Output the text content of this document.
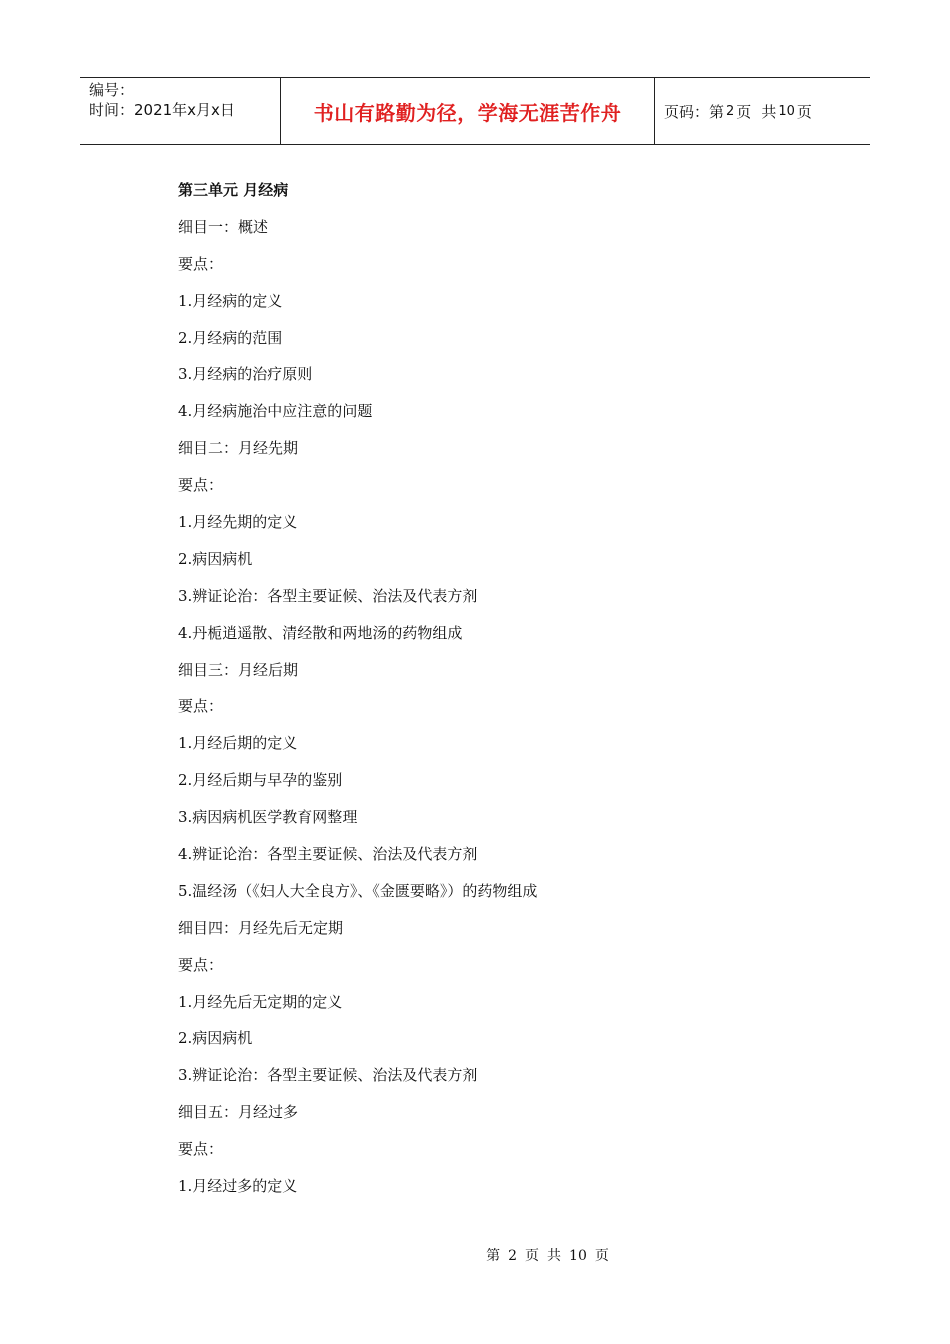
编号：
时间：2021年x月x日	书山有路勤为径，学海无涯苦作舟	页码：第 2 页 共 10 页
第三单元 月经病
细目一：概述
要点：
1.月经病的定义
2.月经病的范围
3.月经病的治疗原则
4.月经病施治中应注意的问题
细目二：月经先期
要点：
1.月经先期的定义
2.病因病机
3.辨证论治：各型主要证候、治法及代表方剂
4.丹栀逍遥散、清经散和两地汤的药物组成
细目三：月经后期
要点：
1.月经后期的定义
2.月经后期与早孕的鉴别
3.病因病机医学教育网整理
4.辨证论治：各型主要证候、治法及代表方剂
5.温经汤（《妇人大全良方》、《金匮要略》）的药物组成
细目四：月经先后无定期
要点：
1.月经先后无定期的定义
2.病因病机
3.辨证论治：各型主要证候、治法及代表方剂
细目五：月经过多
要点：
1.月经过多的定义
第 2 页 共 10 页
